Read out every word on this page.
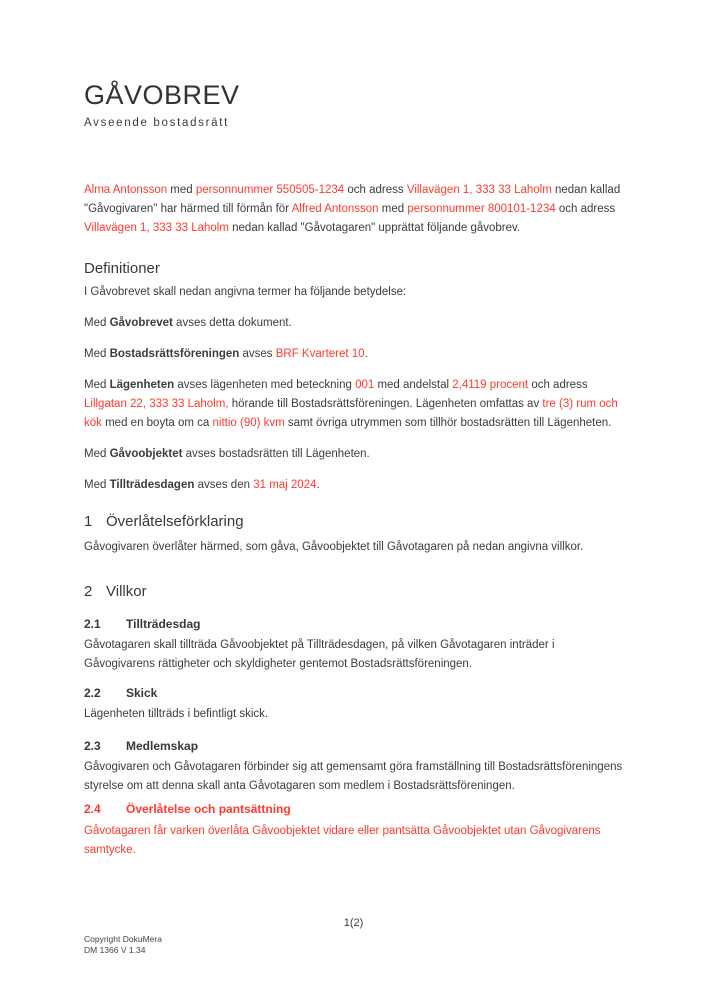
GÅVOBREV
Avseende bostadsrätt

Alma Antonsson med personnummer 550505-1234 och adress Villavägen 1, 333 33 Laholm nedan kallad "Gåvogivaren" har härmed till förmån för Alfred Antonsson med personnummer 800101-1234 och adress Villavägen 1, 333 33 Laholm nedan kallad "Gåvotagaren" upprättat följande gåvobrev.

Definitioner

I Gåvobrevet skall nedan angivna termer ha följande betydelse:

Med Gåvobrevet avses detta dokument.

Med Bostadsrättsföreningen avses BRF Kvarteret 10.

Med Lägenheten avses lägenheten med beteckning 001 med andelstal 2,4119 procent och adress Lillgatan 22, 333 33 Laholm, hörande till Bostadsrättsföreningen. Lägenheten omfattas av tre (3) rum och kök med en boyta om ca nittio (90) kvm samt övriga utrymmen som tillhör bostadsrätten till Lägenheten.

Med Gåvoobjektet avses bostadsrätten till Lägenheten.

Med Tillträdesdagen avses den 31 maj 2024.

1 Överlåtelseförklaring

Gåvogivaren överlåter härmed, som gåva, Gåvoobjektet till Gåvotagaren på nedan angivna villkor.

2 Villkor
2.1 Tillträdesdag

Gåvotagaren skall tillträda Gåvoobjektet på Tillträdesdagen, på vilken Gåvotagaren inträder i Gåvogivarens rättigheter och skyldigheter gentemot Bostadsrättsföreningen.

2.2 Skick

Lägenheten tillträds i befintligt skick.

2.3 Medlemskap

Gåvogivaren och Gåvotagaren förbinder sig att gemensamt göra framställning till Bostadsrättsföreningens styrelse om att denna skall anta Gåvotagaren som medlem i Bostadsrättsföreningen.

2.4 Överlåtelse och pantsättning

Gåvotagaren får varken överlåta Gåvoobjektet vidare eller pantsätta Gåvoobjektet utan Gåvogivarens samtycke.

1(2)
Copyright DokuMera
DM 1366 V 1.34
